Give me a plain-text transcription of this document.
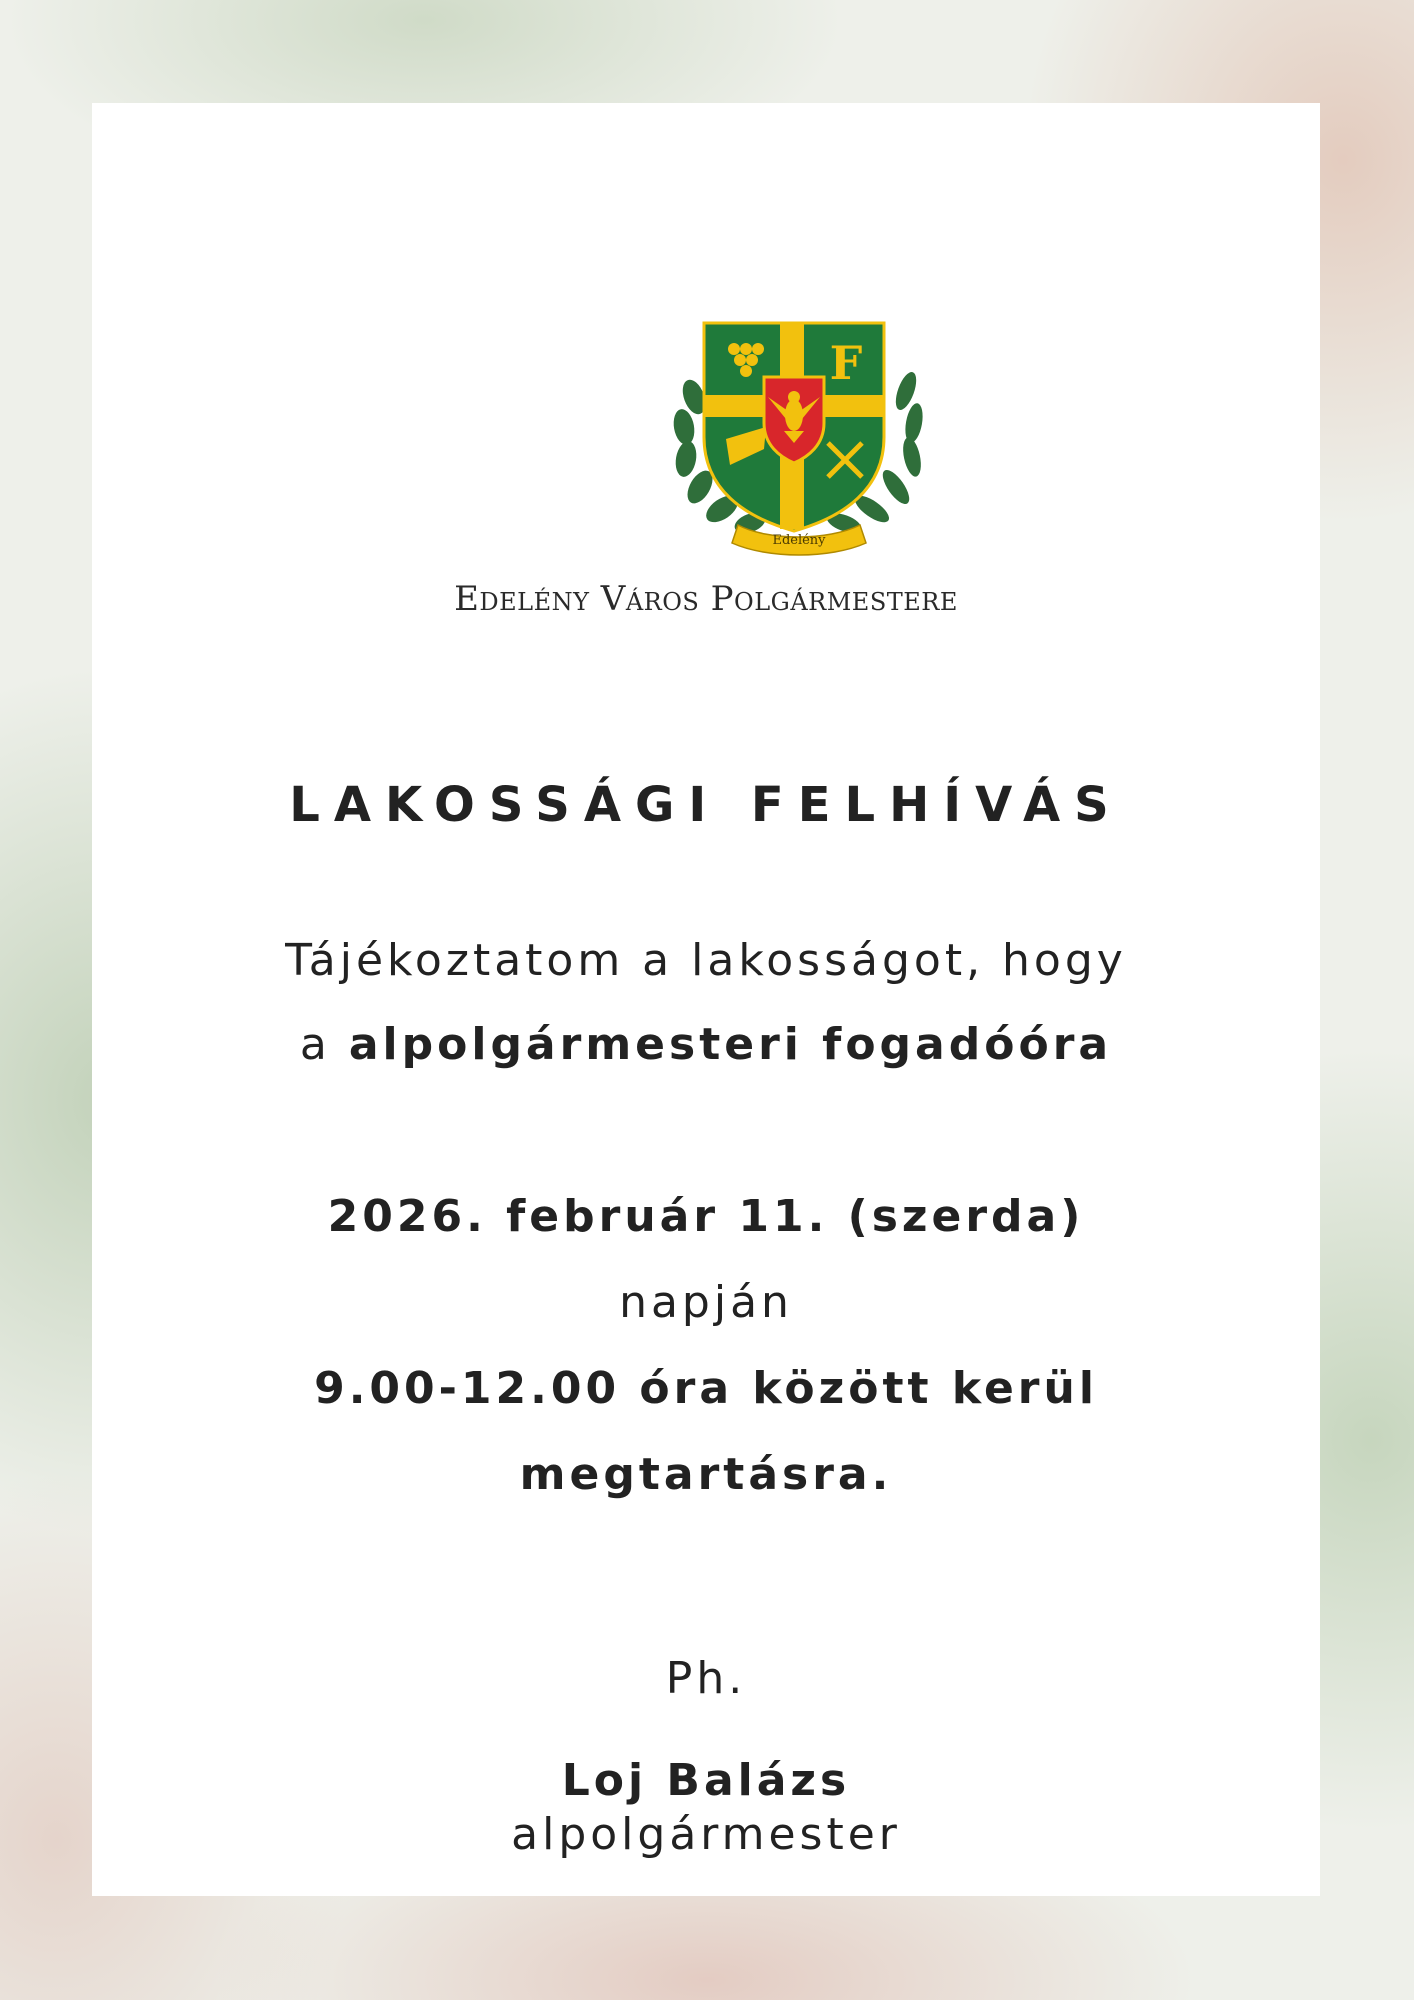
F
Edelény
Edelény Város Polgármestere
LAKOSSÁGI FELHÍVÁS
Tájékoztatom a lakosságot, hogy
a alpolgármesteri fogadóóra
2026. február 11. (szerda)
napján
9.00-12.00 óra között kerül
megtartásra.
Ph.
Loj Balázs
alpolgármester
